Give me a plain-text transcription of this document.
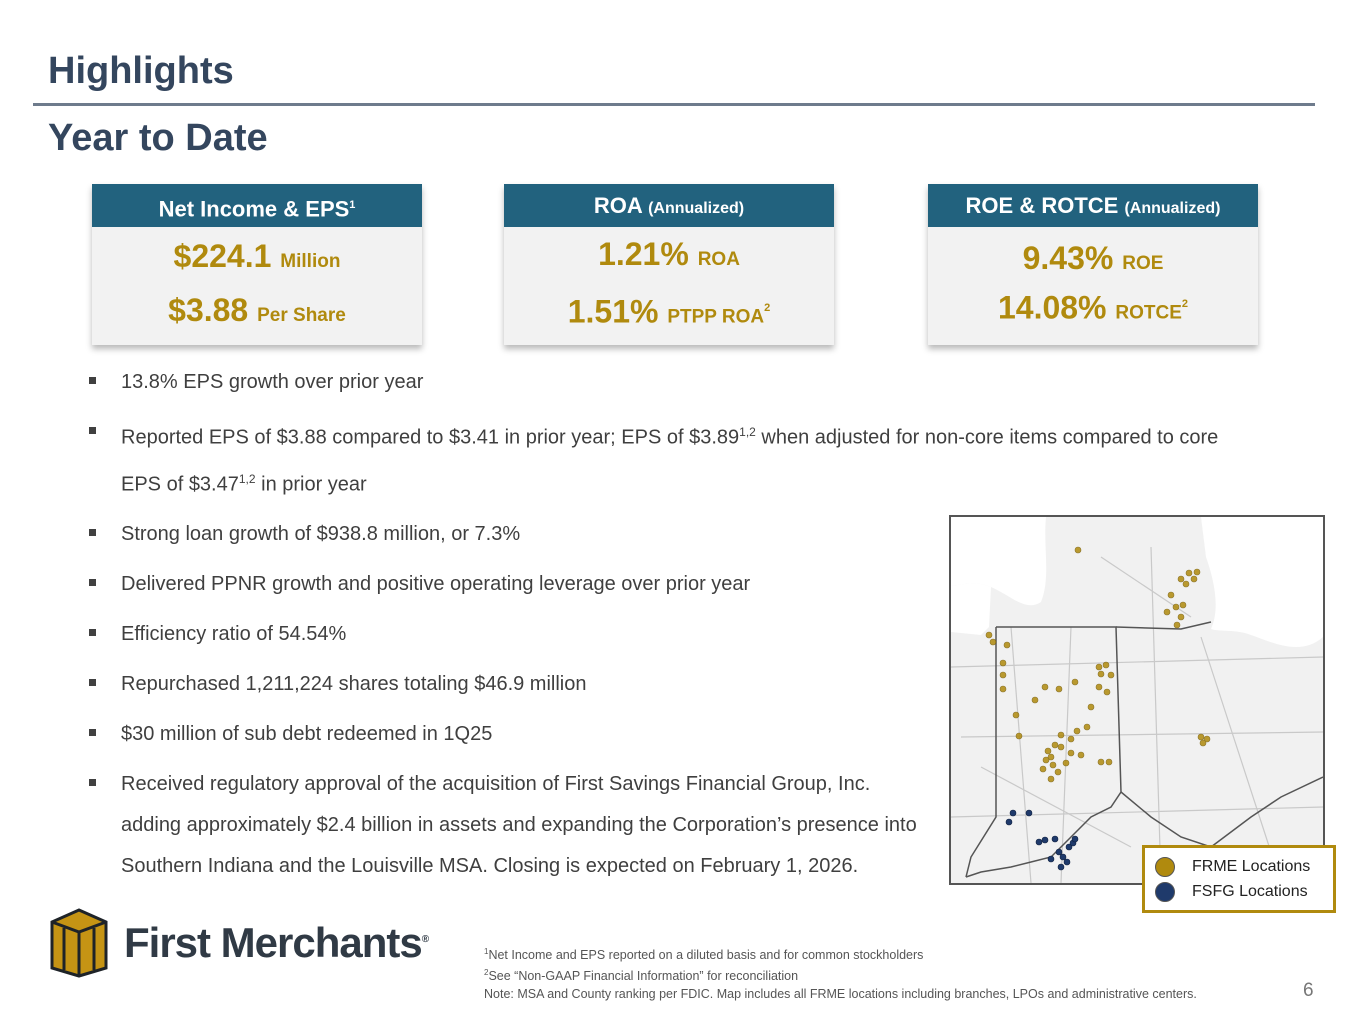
Highlights
Year to Date
Net Income & EPS$^1$
$224.1 Million
$3.88 Per Share
ROA (Annualized)
1.21% ROA
1.51% PTPP ROA$^2$
ROE & ROTCE (Annualized)
9.43% ROE
14.08% ROTCE$^2$
13.8% EPS growth over prior year
Reported EPS of $3.88 compared to $3.41 in prior year; EPS of $3.89$^{1,2}$ when adjusted for non-core items compared to core EPS of $3.47$^{1,2}$ in prior year
Strong loan growth of $938.8 million, or 7.3%
Delivered PPNR growth and positive operating leverage over prior year
Efficiency ratio of 54.54%
Repurchased 1,211,224 shares totaling $46.9 million
$30 million of sub debt redeemed in 1Q25
Received regulatory approval of the acquisition of First Savings Financial Group, Inc. adding approximately $2.4 billion in assets and expanding the Corporation’s presence into Southern Indiana and the Louisville MSA. Closing is expected on February 1, 2026.	FRME Locations
FSFG Locations
First Merchants®
$^1$Net Income and EPS reported on a diluted basis and for common stockholders
$^2$See “Non-GAAP Financial Information” for reconciliation
Note: MSA and County ranking per FDIC. Map includes all FRME locations including branches, LPOs and administrative centers.	6
